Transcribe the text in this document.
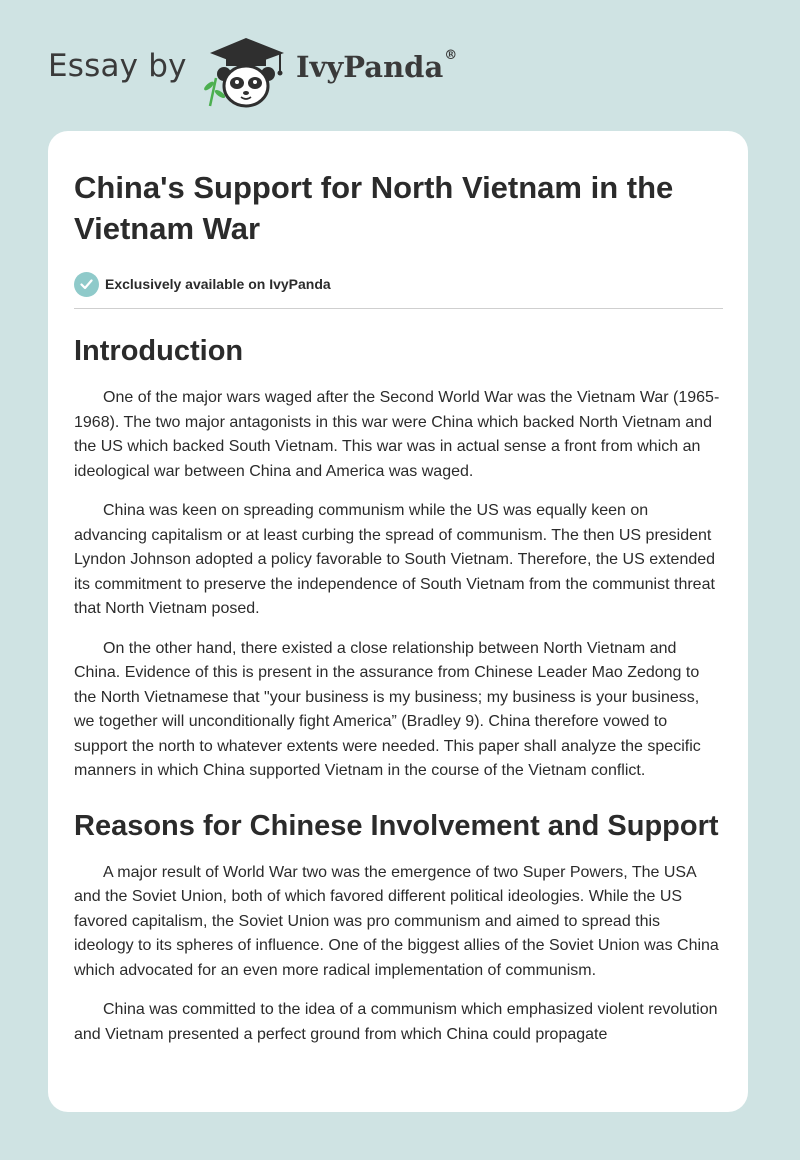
Essay by	IvyPanda®
China's Support for North Vietnam in the Vietnam War
Exclusively available on IvyPanda
Introduction

One of the major wars waged after the Second World War was the Vietnam War (1965-1968). The two major antagonists in this war were China which backed North Vietnam and the US which backed South Vietnam. This war was in actual sense a front from which an ideological war between China and America was waged.

China was keen on spreading communism while the US was equally keen on advancing capitalism or at least curbing the spread of communism. The then US president Lyndon Johnson adopted a policy favorable to South Vietnam. Therefore, the US extended its commitment to preserve the independence of South Vietnam from the communist threat that North Vietnam posed.

On the other hand, there existed a close relationship between North Vietnam and China. Evidence of this is present in the assurance from Chinese Leader Mao Zedong to the North Vietnamese that "your business is my business; my business is your business, we together will unconditionally fight America” (Bradley 9). China therefore vowed to support the north to whatever extents were needed. This paper shall analyze the specific manners in which China supported Vietnam in the course of the Vietnam conflict.

Reasons for Chinese Involvement and Support

A major result of World War two was the emergence of two Super Powers, The USA and the Soviet Union, both of which favored different political ideologies. While the US favored capitalism, the Soviet Union was pro communism and aimed to spread this ideology to its spheres of influence. One of the biggest allies of the Soviet Union was China which advocated for an even more radical implementation of communism.

China was committed to the idea of a communism which emphasized violent revolution and Vietnam presented a perfect ground from which China could propagate
